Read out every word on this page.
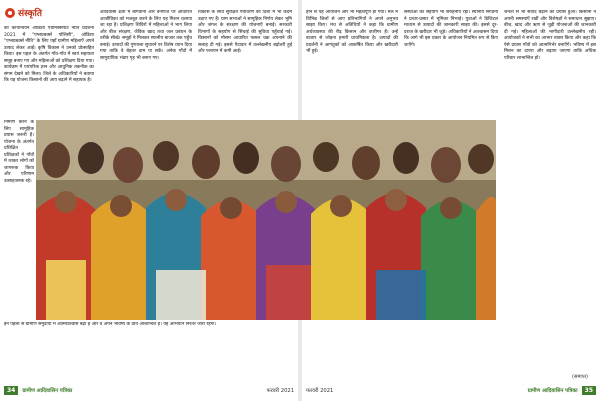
संस्कृति
का कार्यान्वयन ओडिशा एग्रोमेक्सपोर्ट नीति प्रदर्शनी 2021 में "एग्लप्रबर्क्स पोलिसी", ओडिशा "एग्लप्रबर्क्स नीति" के लिए यहाँ ग्रामीण महिलाएँ अपने उत्पाद लेकर आईं। कृषि विकास ने उनको प्रोत्साहित किया। इस पहल के अंतर्गत गाँव-गाँव में स्वयं सहायता समूह बनाए गए और महिलाओं को प्रशिक्षण दिया गया। कार्यक्रम में पारंपरिक ज्ञान और आधुनिक तकनीक का संगम देखने को मिला। जिले के अधिकारियों ने बताया कि यह योजना किसानों की आय बढ़ाने में सहायक है।
आदिवासी क्षेत्रों में बागवानी और वनोपज पर आधारित आजीविका को मजबूत करने के लिए यह मिशन चलाया जा रहा है। प्रशिक्षण शिविरों में महिलाओं ने भाग लिया और बीज संरक्षण, जैविक खाद तथा जल प्रबंधन के तरीके सीखे। समूहों ने मिलकर स्थानीय बाजार तक पहुँच बनाई। उत्पादों की गुणवत्ता सुधारने पर विशेष ध्यान दिया गया ताकि वे बेहतर दाम पा सकें। अनेक गाँवों में सामुदायिक भंडार गृह भी बनाए गए।
विकास के साथ सुरक्षित पर्यावरण की दिशा में भी कदम उठाए गए हैं। ग्राम सभाओं ने सामूहिक निर्णय लेकर भूमि और जंगल के संरक्षण की योजनाएँ बनाईं। सरकारी विभागों के सहयोग से सिंचाई की सुविधा पहुँचाई गई। किसानों को मौसम आधारित फसल चक्र अपनाने की सलाह दी गई। इससे पैदावार में उल्लेखनीय बढ़ोतरी हुई और पलायन में कमी आई।
निर्माण करने के लिए सामूहिक प्रयास जरूरी हैं। योजना के अंतर्गत प्रशिक्षित प्रशिक्षकों ने गाँवों में जाकर लोगों को जागरूक किया और परिणाम उत्साहजनक रहे।
इन पहलों से ग्रामीण समुदायों में आत्मविश्वास बढ़ा है और वे अपने भविष्य के प्रति आशान्वित हैं। यह अभियान निरंतर जारी रहेगा।
34	ग्रामीण आदिवासिन पत्रिका	फरवरी 2021
होने से यह आयोजन और भी महत्वपूर्ण हो गया। मेले में विभिन्न जिलों से आए प्रतिभागियों ने अपने अनुभव साझा किए। मंच से अतिथियों ने कहा कि ग्रामीण अर्थव्यवस्था की रीढ़ किसान और कारीगर हैं। उन्हें बाजार से जोड़ना हमारी प्राथमिकता है। उत्पादों की प्रदर्शनी ने आगंतुकों को आकर्षित किया और खरीदारी भी हुई।
संस्थाओं का सहयोग भी सराहनीय रहा। स्थानीय संगठनों ने प्रचार-प्रसार में भूमिका निभाई। युवाओं ने डिजिटल माध्यम से उत्पादों की जानकारी साझा की। इससे दूर-दराज के खरीदार भी जुड़े। अधिकारियों ने आश्वासन दिया कि आगे भी इस प्रकार के आयोजन नियमित रूप से किए जाएँगे।
जनता से भी संवाद बढ़ाने का प्रयास हुआ। किसानों ने अपनी समस्याएँ रखीं और विशेषज्ञों ने समाधान सुझाए। बीज, खाद और ऋण से जुड़ी योजनाओं की जानकारी दी गई। महिलाओं की भागीदारी उल्लेखनीय रही। आयोजकों ने सभी का आभार व्यक्त किया और कहा कि ऐसे प्रयास गाँवों को आत्मनिर्भर बनाएँगे। भविष्य में इस मिशन का दायरा और बढ़ाया जाएगा ताकि अधिक परिवार लाभान्वित हों।
(समाप्त)
फरवरी 2021	ग्रामीण आदिवासिन पत्रिका	35
